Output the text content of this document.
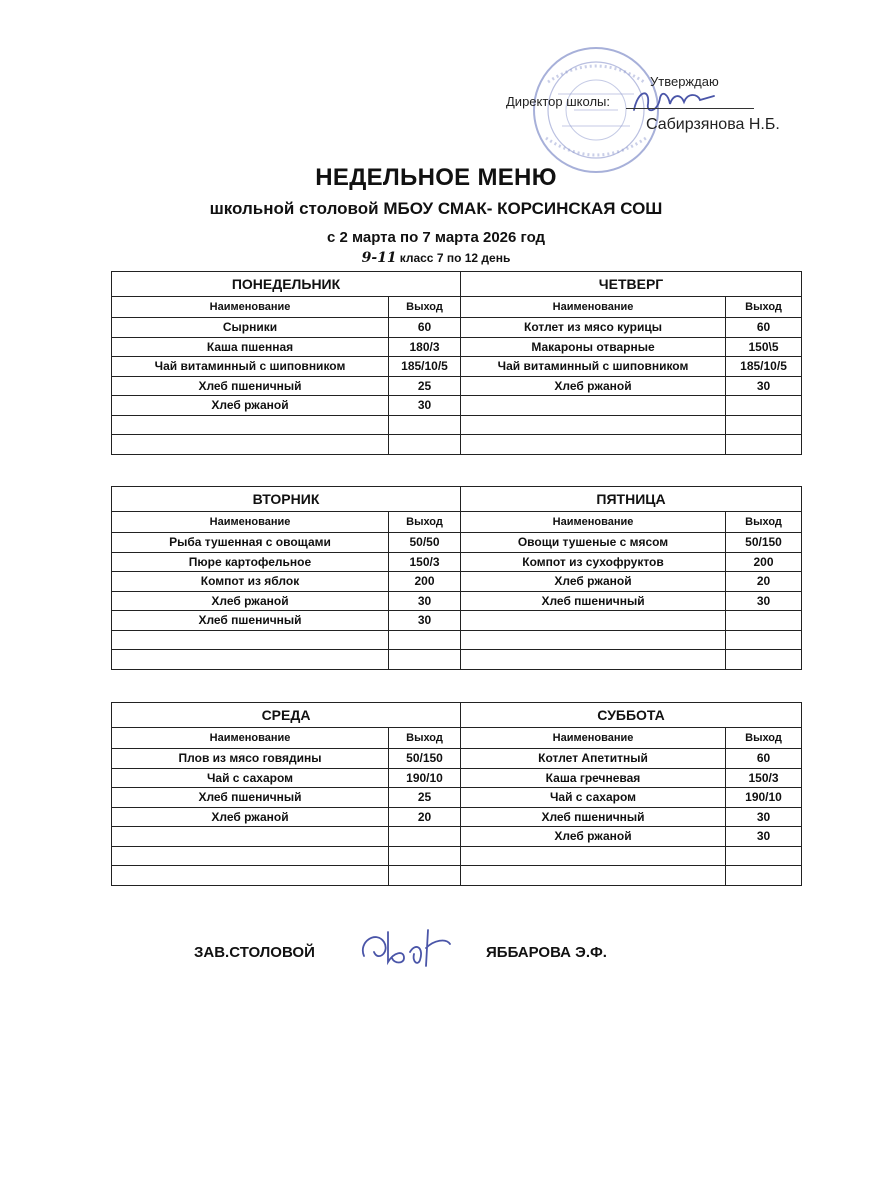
Утверждаю
Директор школы:
Сабирзянова Н.Б.
НЕДЕЛЬНОЕ МЕНЮ
школьной столовой МБОУ СМАК- КОРСИНСКАЯ СОШ
с 2 марта по 7 марта 2026 год
9-11 класс 7 по 12 день
ПОНЕДЕЛЬНИК		ЧЕТВЕРГ	
Наименование	Выход	Наименование	Выход
Сырники	60	Котлет из мясо курицы	60
Каша пшенная	180/3	Макароны отварные	150\5
Чай витаминный с шиповником	185/10/5	Чай витаминный с шиповником	185/10/5
Хлеб пшеничный	25	Хлеб ржаной	30
Хлеб ржаной	30		

ВТОРНИК		ПЯТНИЦА	
Наименование	Выход	Наименование	Выход
Рыба тушенная с овощами	50/50	Овощи тушеные с мясом	50/150
Пюре картофельное	150/3	Компот из сухофруктов	200
Компот из яблок	200	Хлеб ржаной	20
Хлеб ржаной	30	Хлеб пшеничный	30
Хлеб пшеничный	30		

СРЕДА		СУББОТА	
Наименование	Выход	Наименование	Выход
Плов из мясо говядины	50/150	Котлет Апетитный	60
Чай с сахаром	190/10	Каша гречневая	150/3
Хлеб пшеничный	25	Чай с сахаром	190/10
Хлеб ржаной	20	Хлеб пшеничный	30
		Хлеб ржаной	30

ЗАВ.СТОЛОВОЙ	ЯББАРОВА Э.Ф.
